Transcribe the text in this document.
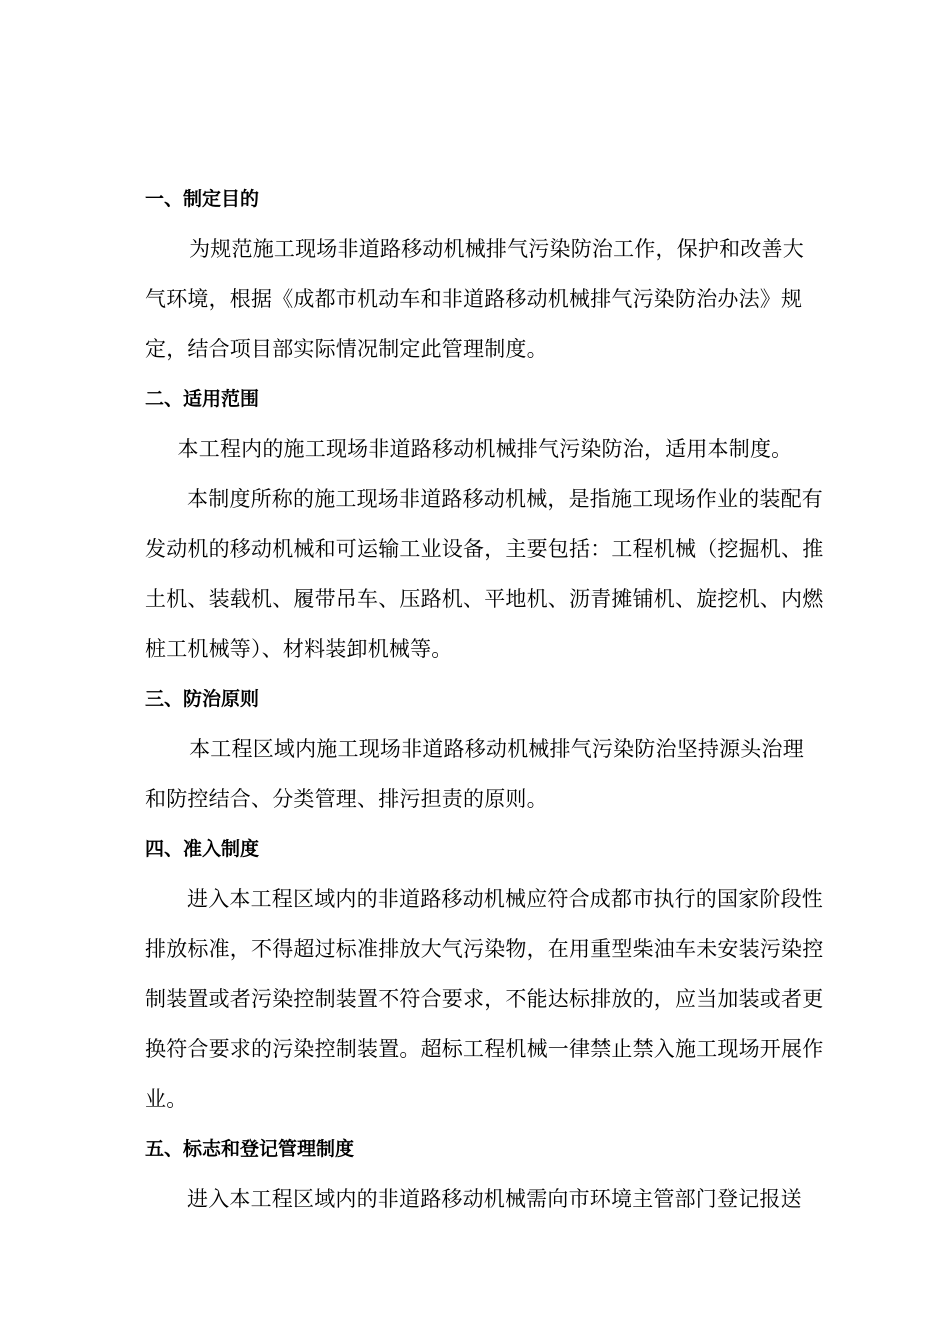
一、制定目的

为规范施工现场非道路移动机械排气污染防治工作，保护和改善大气环境，根据《成都市机动车和非道路移动机械排气污染防治办法》规定，结合项目部实际情况制定此管理制度。

二、适用范围

本工程内的施工现场非道路移动机械排气污染防治，适用本制度。

本制度所称的施工现场非道路移动机械，是指施工现场作业的装配有发动机的移动机械和可运输工业设备，主要包括：工程机械（挖掘机、推土机、装载机、履带吊车、压路机、平地机、沥青摊铺机、旋挖机、内燃桩工机械等）、材料装卸机械等。

三、防治原则

本工程区域内施工现场非道路移动机械排气污染防治坚持源头治理和防控结合、分类管理、排污担责的原则。

四、准入制度

进入本工程区域内的非道路移动机械应符合成都市执行的国家阶段性排放标准，不得超过标准排放大气污染物，在用重型柴油车未安装污染控制装置或者污染控制装置不符合要求，不能达标排放的，应当加装或者更换符合要求的污染控制装置。超标工程机械一律禁止禁入施工现场开展作业。

五、标志和登记管理制度

进入本工程区域内的非道路移动机械需向市环境主管部门登记报送
